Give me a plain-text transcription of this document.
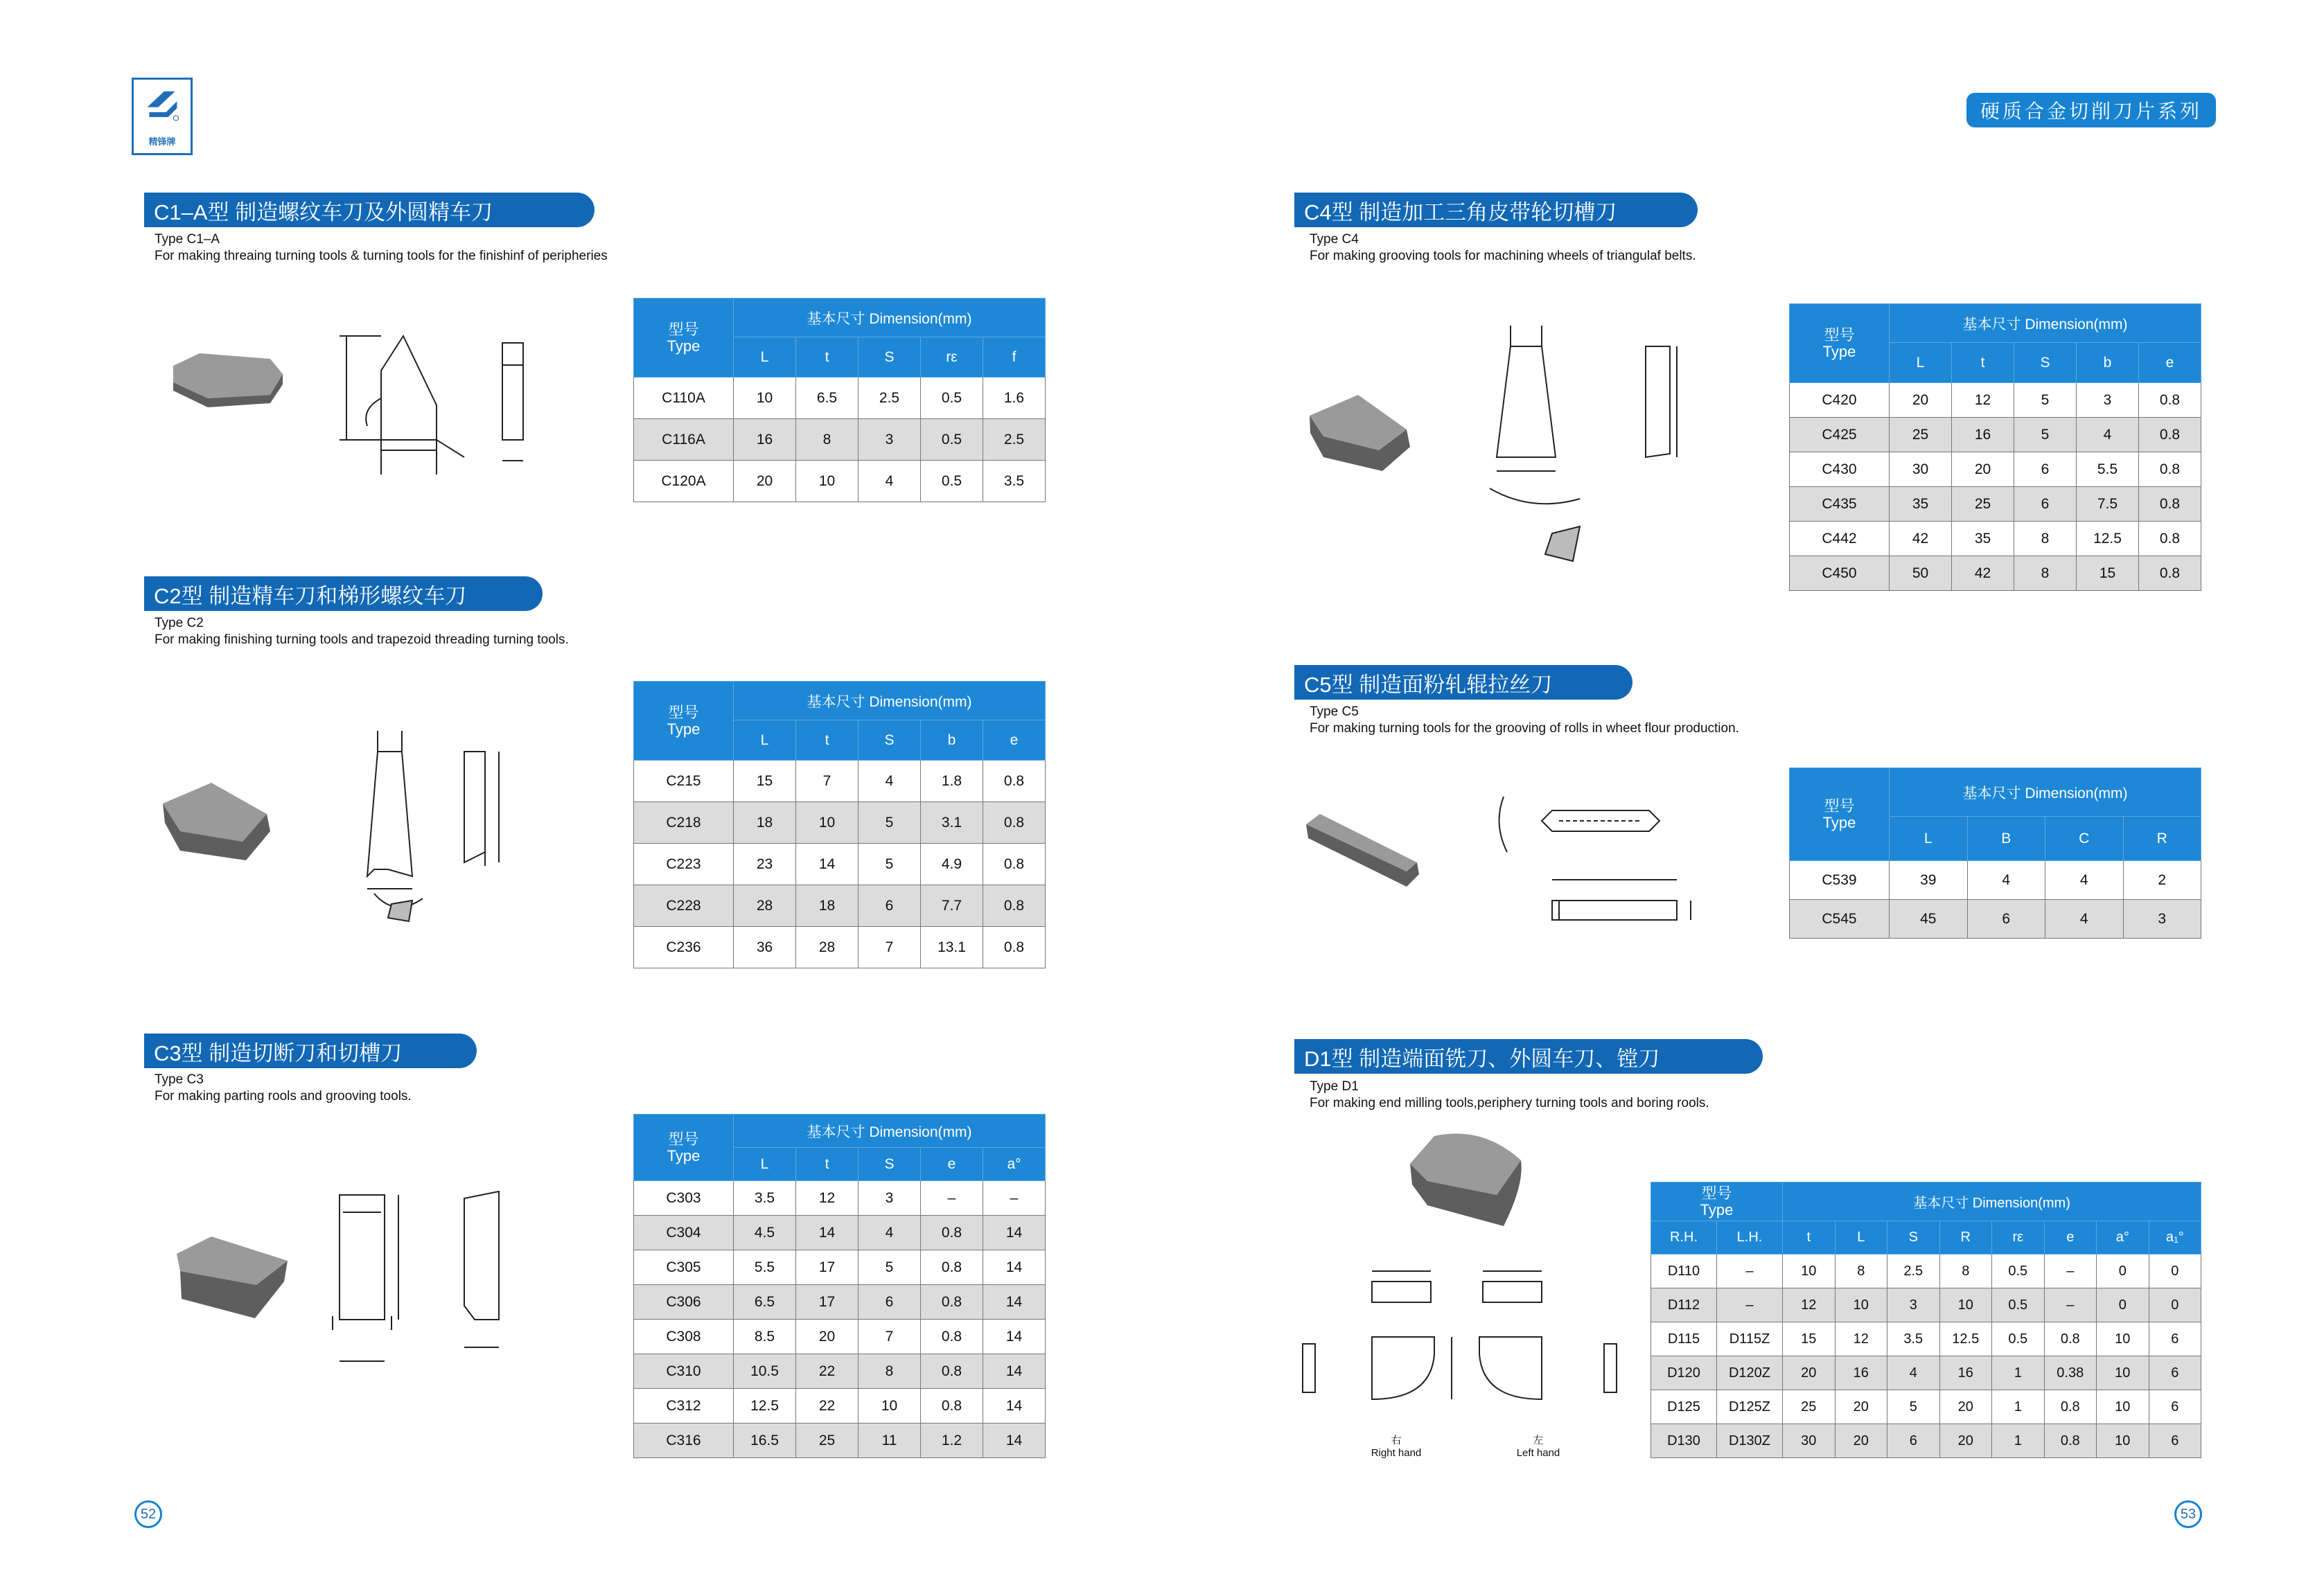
精锋牌
硬质合金切削刀片系列
C1–A型 制造螺纹车刀及外圆精车刀
Type C1–A
For making threaing turning tools & turning tools for the finishinf of peripheries
型号
Type	基本尺寸 Dimension(mm)				
	L	t	S	rε	f
C110A	10	6.5	2.5	0.5	1.6
C116A	16	8	3	0.5	2.5
C120A	20	10	4	0.5	3.5
C2型 制造精车刀和梯形螺纹车刀
Type C2
For making finishing turning tools and trapezoid threading turning tools.
型号
Type	基本尺寸 Dimension(mm)				
	L	t	S	b	e
C215	15	7	4	1.8	0.8
C218	18	10	5	3.1	0.8
C223	23	14	5	4.9	0.8
C228	28	18	6	7.7	0.8
C236	36	28	7	13.1	0.8
C3型 制造切断刀和切槽刀
Type C3
For making parting rools and grooving tools.
型号
Type	基本尺寸 Dimension(mm)				
	L	t	S	e	a°
C303	3.5	12	3	–	–
C304	4.5	14	4	0.8	14
C305	5.5	17	5	0.8	14
C306	6.5	17	6	0.8	14
C308	8.5	20	7	0.8	14
C310	10.5	22	8	0.8	14
C312	12.5	22	10	0.8	14
C316	16.5	25	11	1.2	14
52
C4型 制造加工三角皮带轮切槽刀
Type C4
For making grooving tools for machining wheels of triangulaf belts.
型号
Type	基本尺寸 Dimension(mm)				
	L	t	S	b	e
C420	20	12	5	3	0.8
C425	25	16	5	4	0.8
C430	30	20	6	5.5	0.8
C435	35	25	6	7.5	0.8
C442	42	35	8	12.5	0.8
C450	50	42	8	15	0.8
C5型 制造面粉轧辊拉丝刀
Type C5
For making turning tools for the grooving of rolls in wheet flour production.
型号
Type	基本尺寸 Dimension(mm)			
	L	B	C	R
C539	39	4	4	2
C545	45	6	4	3
D1型 制造端面铣刀、外圆车刀、镗刀
Type D1
For making end milling tools,periphery turning tools and boring rools.
右
Right hand
左
Left hand
型号
Type		基本尺寸 Dimension(mm)							
R.H.	L.H.	t	L	S	R	rε	e	a°	a₁°
D110	–	10	8	2.5	8	0.5	–	0	0
D112	–	12	10	3	10	0.5	–	0	0
D115	D115Z	15	12	3.5	12.5	0.5	0.8	10	6
D120	D120Z	20	16	4	16	1	0.38	10	6
D125	D125Z	25	20	5	20	1	0.8	10	6
D130	D130Z	30	20	6	20	1	0.8	10	6
53
